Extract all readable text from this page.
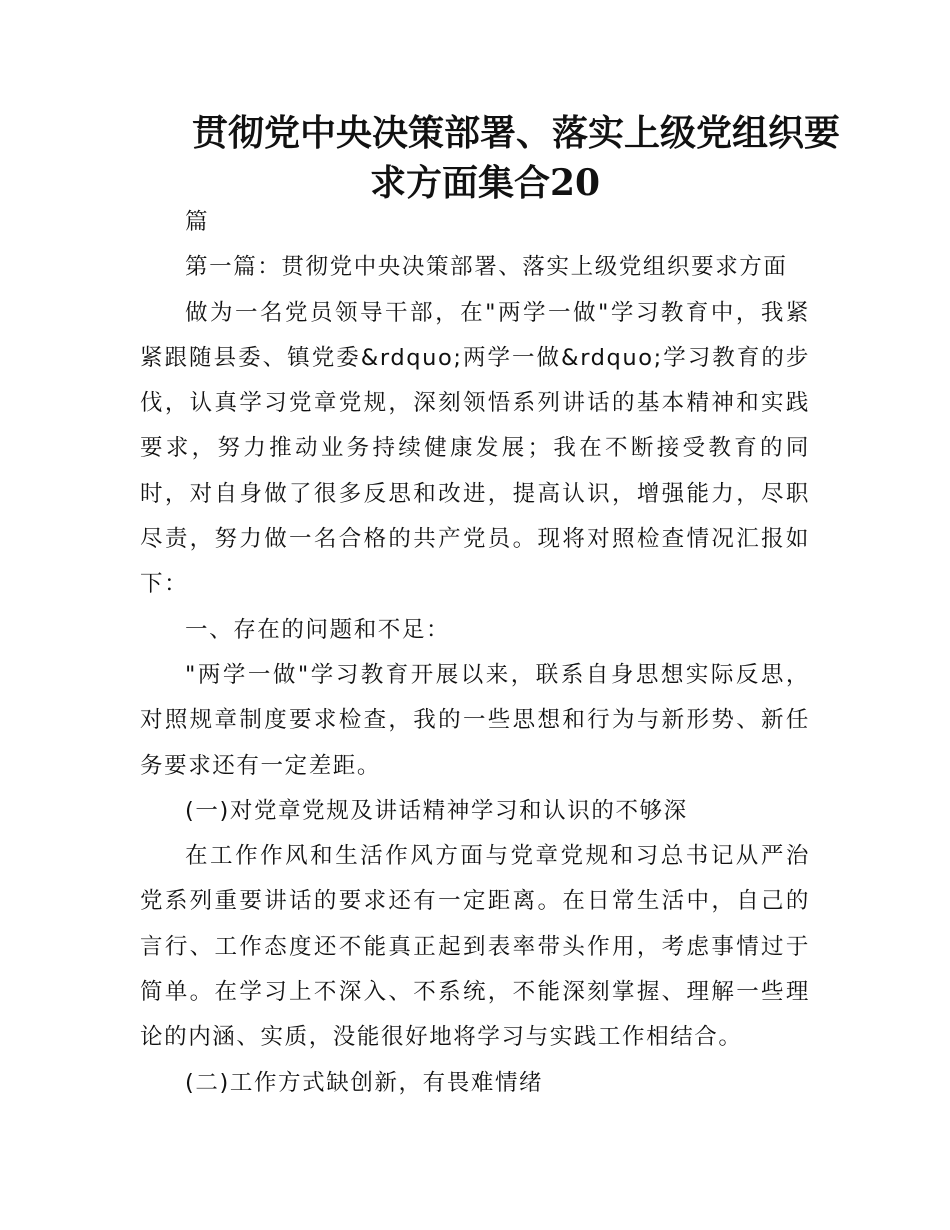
贯彻党中央决策部署、落实上级党组织要
求方面集合20

篇

第一篇：贯彻党中央决策部署、落实上级党组织要求方面

做为一名党员领导干部，在"两学一做"学习教育中，我紧紧跟随县委、镇党委&rdquo;两学一做&rdquo;学习教育的步伐，认真学习党章党规，深刻领悟系列讲话的基本精神和实践要求，努力推动业务持续健康发展；我在不断接受教育的同时，对自身做了很多反思和改进，提高认识，增强能力，尽职尽责，努力做一名合格的共产党员。现将对照检查情况汇报如下：

一、存在的问题和不足：

"两学一做"学习教育开展以来，联系自身思想实际反思，对照规章制度要求检查，我的一些思想和行为与新形势、新任务要求还有一定差距。

(一)对党章党规及讲话精神学习和认识的不够深

在工作作风和生活作风方面与党章党规和习总书记从严治党系列重要讲话的要求还有一定距离。在日常生活中，自己的言行、工作态度还不能真正起到表率带头作用，考虑事情过于简单。在学习上不深入、不系统，不能深刻掌握、理解一些理论的内涵、实质，没能很好地将学习与实践工作相结合。

(二)工作方式缺创新，有畏难情绪
